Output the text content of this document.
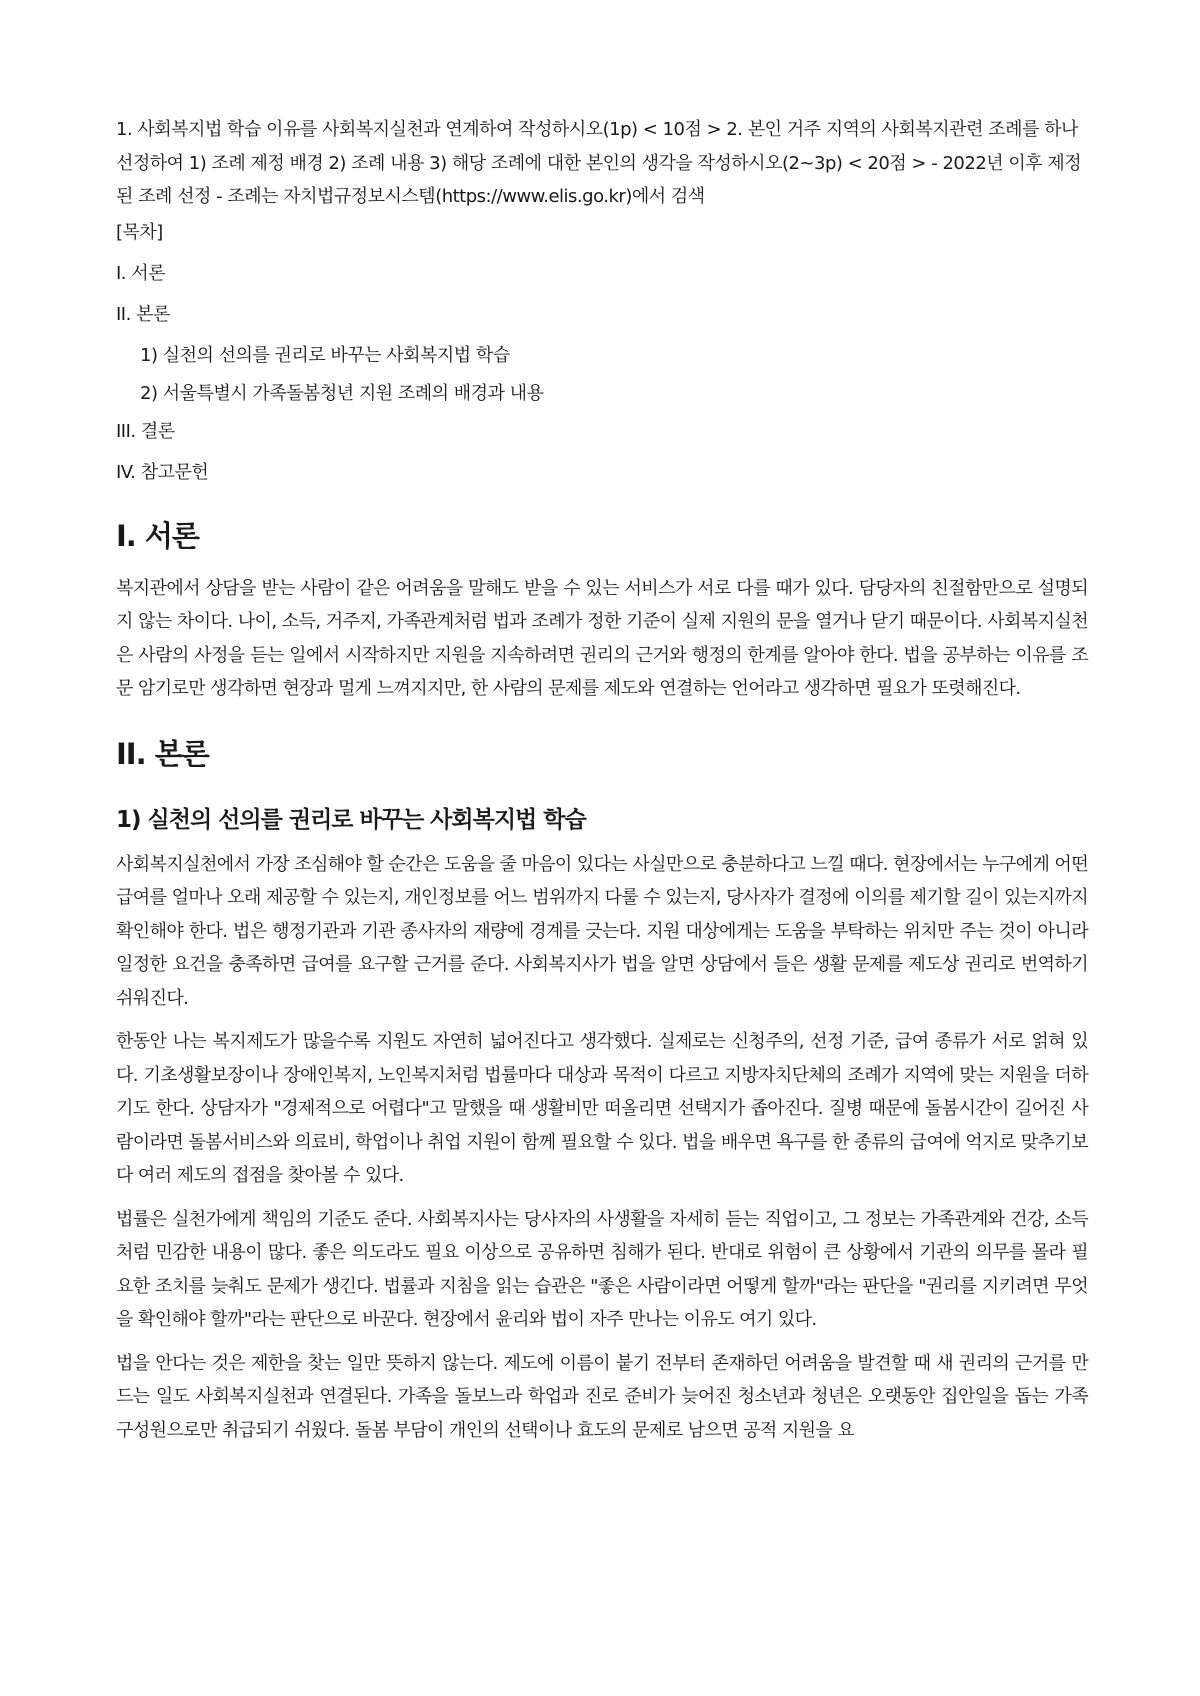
1. 사회복지법 학습 이유를 사회복지실천과 연계하여 작성하시오(1p) < 10점 > 2. 본인 거주 지역의 사회복지관련 조례를 하나 선정하여 1) 조례 제정 배경 2) 조례 내용 3) 해당 조례에 대한 본인의 생각을 작성하시오(2~3p) < 20점 > - 2022년 이후 제정된 조례 선정 - 조례는 자치법규정보시스템(https://www.elis.go.kr)에서 검색

[목차]

I. 서론

II. 본론

1) 실천의 선의를 권리로 바꾸는 사회복지법 학습

2) 서울특별시 가족돌봄청년 지원 조례의 배경과 내용

III. 결론

IV. 참고문헌

I. 서론

복지관에서 상담을 받는 사람이 같은 어려움을 말해도 받을 수 있는 서비스가 서로 다를 때가 있다. 담당자의 친절함만으로 설명되지 않는 차이다. 나이, 소득, 거주지, 가족관계처럼 법과 조례가 정한 기준이 실제 지원의 문을 열거나 닫기 때문이다. 사회복지실천은 사람의 사정을 듣는 일에서 시작하지만 지원을 지속하려면 권리의 근거와 행정의 한계를 알아야 한다. 법을 공부하는 이유를 조문 암기로만 생각하면 현장과 멀게 느껴지지만, 한 사람의 문제를 제도와 연결하는 언어라고 생각하면 필요가 또렷해진다.

II. 본론
1) 실천의 선의를 권리로 바꾸는 사회복지법 학습

사회복지실천에서 가장 조심해야 할 순간은 도움을 줄 마음이 있다는 사실만으로 충분하다고 느낄 때다. 현장에서는 누구에게 어떤 급여를 얼마나 오래 제공할 수 있는지, 개인정보를 어느 범위까지 다룰 수 있는지, 당사자가 결정에 이의를 제기할 길이 있는지까지 확인해야 한다. 법은 행정기관과 기관 종사자의 재량에 경계를 긋는다. 지원 대상에게는 도움을 부탁하는 위치만 주는 것이 아니라 일정한 요건을 충족하면 급여를 요구할 근거를 준다. 사회복지사가 법을 알면 상담에서 들은 생활 문제를 제도상 권리로 번역하기 쉬워진다.

한동안 나는 복지제도가 많을수록 지원도 자연히 넓어진다고 생각했다. 실제로는 신청주의, 선정 기준, 급여 종류가 서로 얽혀 있다. 기초생활보장이나 장애인복지, 노인복지처럼 법률마다 대상과 목적이 다르고 지방자치단체의 조례가 지역에 맞는 지원을 더하기도 한다. 상담자가 "경제적으로 어렵다"고 말했을 때 생활비만 떠올리면 선택지가 좁아진다. 질병 때문에 돌봄시간이 길어진 사람이라면 돌봄서비스와 의료비, 학업이나 취업 지원이 함께 필요할 수 있다. 법을 배우면 욕구를 한 종류의 급여에 억지로 맞추기보다 여러 제도의 접점을 찾아볼 수 있다.

법률은 실천가에게 책임의 기준도 준다. 사회복지사는 당사자의 사생활을 자세히 듣는 직업이고, 그 정보는 가족관계와 건강, 소득처럼 민감한 내용이 많다. 좋은 의도라도 필요 이상으로 공유하면 침해가 된다. 반대로 위험이 큰 상황에서 기관의 의무를 몰라 필요한 조치를 늦춰도 문제가 생긴다. 법률과 지침을 읽는 습관은 "좋은 사람이라면 어떻게 할까"라는 판단을 "권리를 지키려면 무엇을 확인해야 할까"라는 판단으로 바꾼다. 현장에서 윤리와 법이 자주 만나는 이유도 여기 있다.

법을 안다는 것은 제한을 찾는 일만 뜻하지 않는다. 제도에 이름이 붙기 전부터 존재하던 어려움을 발견할 때 새 권리의 근거를 만드는 일도 사회복지실천과 연결된다. 가족을 돌보느라 학업과 진로 준비가 늦어진 청소년과 청년은 오랫동안 집안일을 돕는 가족 구성원으로만 취급되기 쉬웠다. 돌봄 부담이 개인의 선택이나 효도의 문제로 남으면 공적 지원을 요
